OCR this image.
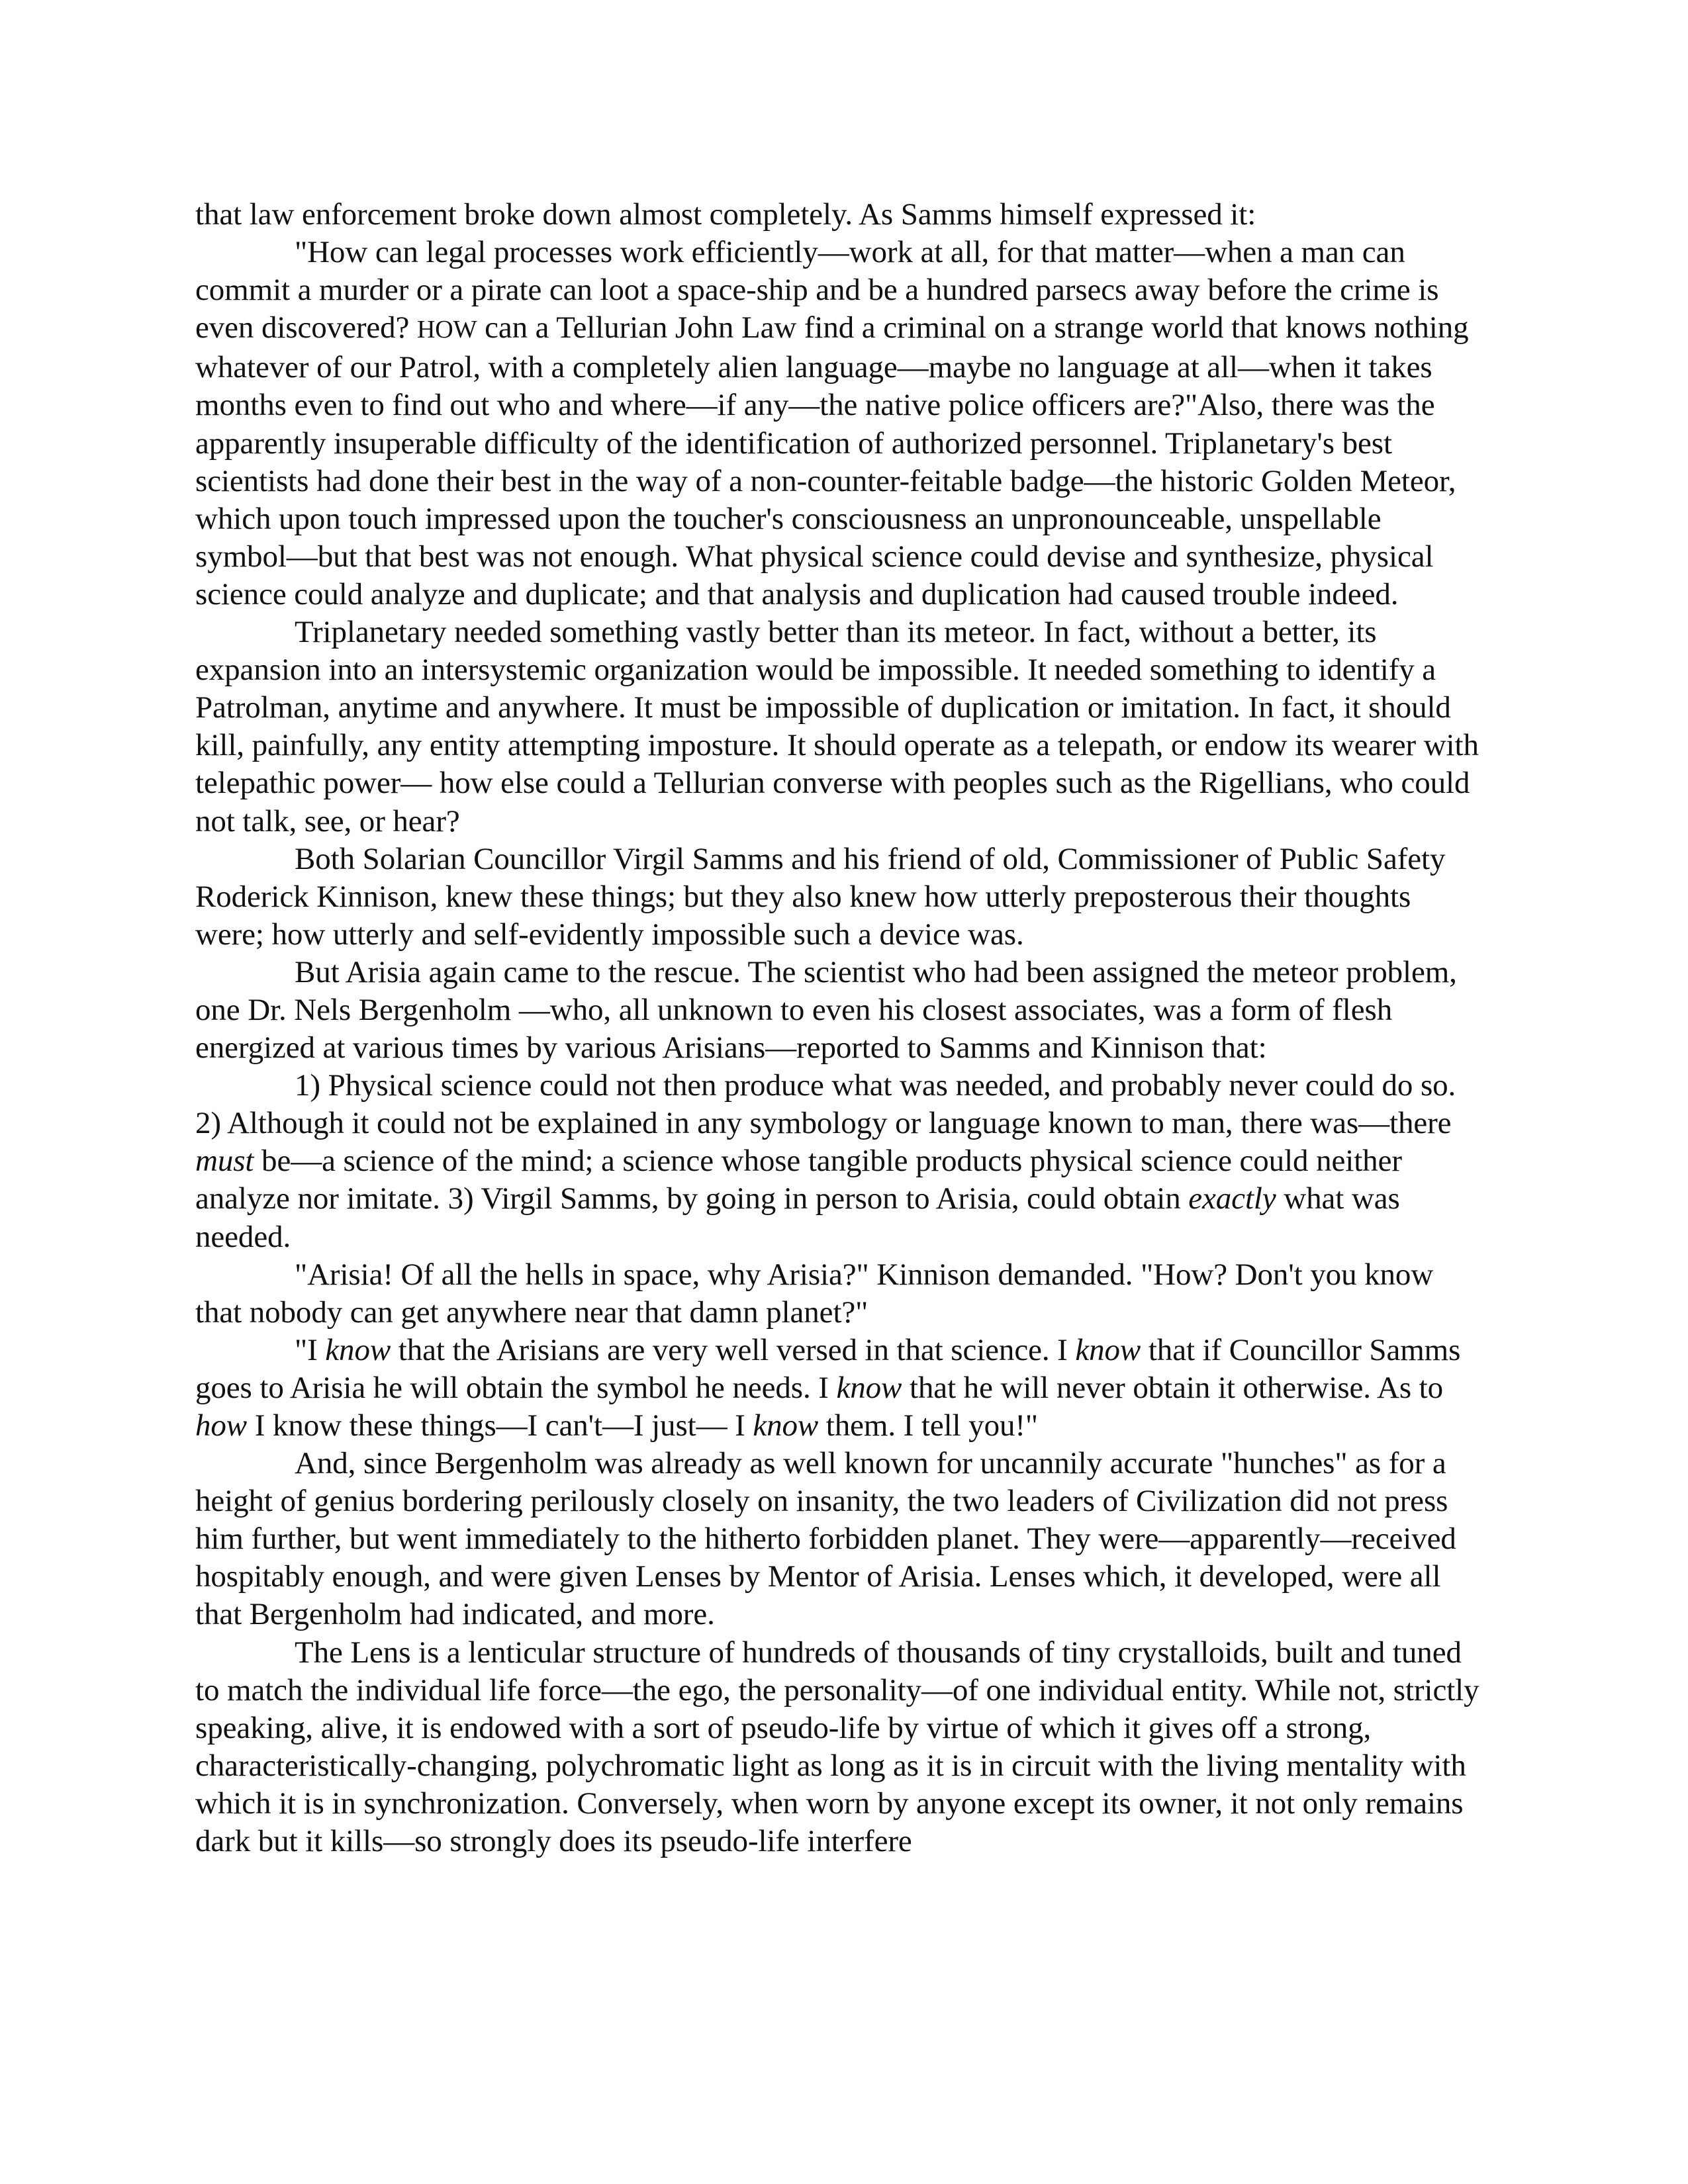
that law enforcement broke down almost completely. As Samms himself expressed it:

"How can legal processes work efficiently—work at all, for that matter—when a man can commit a murder or a pirate can loot a space-ship and be a hundred parsecs away before the crime is even discovered? HOW can a Tellurian John Law find a criminal on a strange world that knows nothing whatever of our Patrol, with a completely alien language—maybe no language at all—when it takes months even to find out who and where—if any—the native police officers are?"Also, there was the apparently insuperable difficulty of the identification of authorized personnel. Triplanetary's best scientists had done their best in the way of a non-counter-feitable badge—the historic Golden Meteor, which upon touch impressed upon the toucher's consciousness an unpronounceable, unspellable symbol—but that best was not enough. What physical science could devise and synthesize, physical science could analyze and duplicate; and that analysis and duplication had caused trouble indeed.

Triplanetary needed something vastly better than its meteor. In fact, without a better, its expansion into an intersystemic organization would be impossible. It needed something to identify a Patrolman, anytime and anywhere. It must be impossible of duplication or imitation. In fact, it should kill, painfully, any entity attempting imposture. It should operate as a telepath, or endow its wearer with telepathic power— how else could a Tellurian converse with peoples such as the Rigellians, who could not talk, see, or hear?

Both Solarian Councillor Virgil Samms and his friend of old, Commissioner of Public Safety Roderick Kinnison, knew these things; but they also knew how utterly preposterous their thoughts were; how utterly and self-evidently impossible such a device was.

But Arisia again came to the rescue. The scientist who had been assigned the meteor problem, one Dr. Nels Bergenholm —who, all unknown to even his closest associates, was a form of flesh energized at various times by various Arisians—reported to Samms and Kinnison that:

1) Physical science could not then produce what was needed, and probably never could do so. 2) Although it could not be explained in any symbology or language known to man, there was—there must be—a science of the mind; a science whose tangible products physical science could neither analyze nor imitate. 3) Virgil Samms, by going in person to Arisia, could obtain exactly what was needed.

"Arisia! Of all the hells in space, why Arisia?" Kinnison demanded. "How? Don't you know that nobody can get anywhere near that damn planet?"

"I know that the Arisians are very well versed in that science. I know that if Councillor Samms goes to Arisia he will obtain the symbol he needs. I know that he will never obtain it otherwise. As to how I know these things—I can't—I just— I know them. I tell you!"

And, since Bergenholm was already as well known for uncannily accurate "hunches" as for a height of genius bordering perilously closely on insanity, the two leaders of Civilization did not press him further, but went immediately to the hitherto forbidden planet. They were—apparently—received hospitably enough, and were given Lenses by Mentor of Arisia. Lenses which, it developed, were all that Bergenholm had indicated, and more.

The Lens is a lenticular structure of hundreds of thousands of tiny crystalloids, built and tuned to match the individual life force—the ego, the personality—of one individual entity. While not, strictly speaking, alive, it is endowed with a sort of pseudo-life by virtue of which it gives off a strong, characteristically-changing, polychromatic light as long as it is in circuit with the living mentality with which it is in synchronization. Conversely, when worn by anyone except its owner, it not only remains dark but it kills—so strongly does its pseudo-life interfere
